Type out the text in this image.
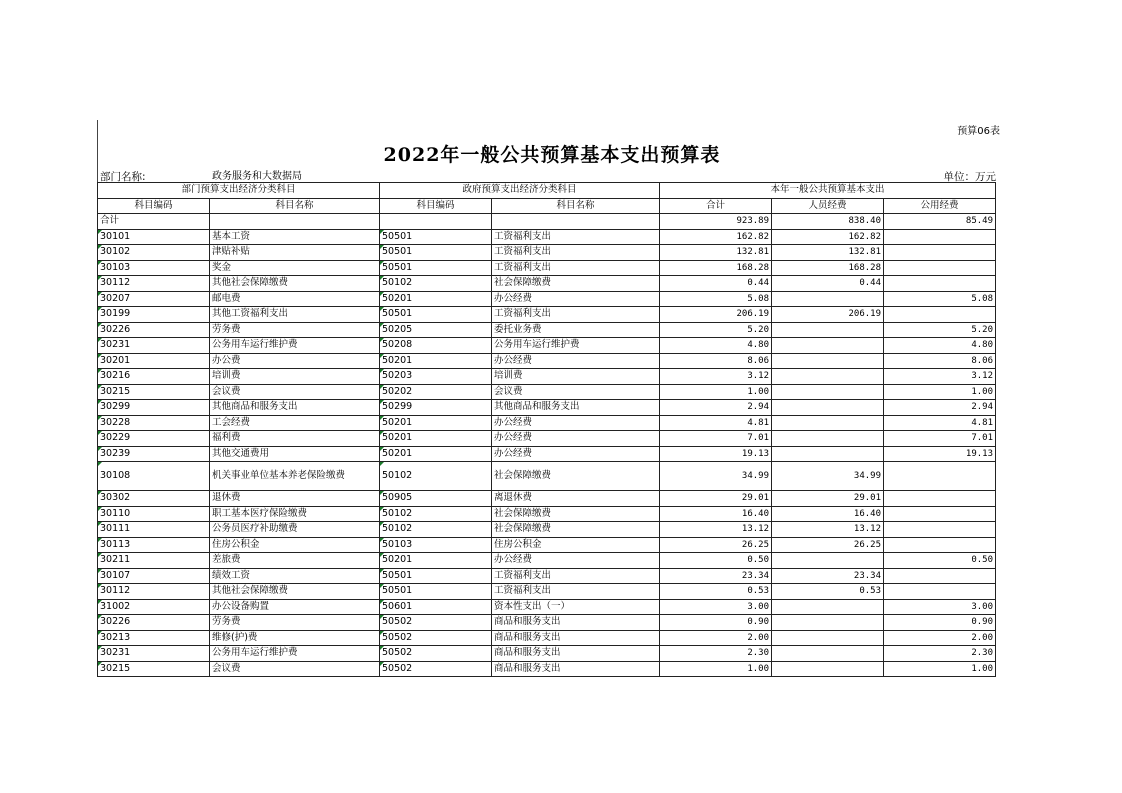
预算06表
2022年一般公共预算基本支出预算表
部门名称:	政务服务和大数据局	单位：万元
部门预算支出经济分类科目		政府预算支出经济分类科目		本年一般公共预算基本支出		
科目编码	科目名称	科目编码	科目名称	合计	人员经费	公用经费
合计				923.89	838.40	85.49
30101	基本工资	50501	工资福利支出	162.82	162.82	
30102	津贴补贴	50501	工资福利支出	132.81	132.81	
30103	奖金	50501	工资福利支出	168.28	168.28	
30112	其他社会保障缴费	50102	社会保障缴费	0.44	0.44	
30207	邮电费	50201	办公经费	5.08		5.08
30199	其他工资福利支出	50501	工资福利支出	206.19	206.19	
30226	劳务费	50205	委托业务费	5.20		5.20
30231	公务用车运行维护费	50208	公务用车运行维护费	4.80		4.80
30201	办公费	50201	办公经费	8.06		8.06
30216	培训费	50203	培训费	3.12		3.12
30215	会议费	50202	会议费	1.00		1.00
30299	其他商品和服务支出	50299	其他商品和服务支出	2.94		2.94
30228	工会经费	50201	办公经费	4.81		4.81
30229	福利费	50201	办公经费	7.01		7.01
30239	其他交通费用	50201	办公经费	19.13		19.13
30108	机关事业单位基本养老保险缴费	50102	社会保障缴费	34.99	34.99	
30302	退休费	50905	离退休费	29.01	29.01	
30110	职工基本医疗保险缴费	50102	社会保障缴费	16.40	16.40	
30111	公务员医疗补助缴费	50102	社会保障缴费	13.12	13.12	
30113	住房公积金	50103	住房公积金	26.25	26.25	
30211	差旅费	50201	办公经费	0.50		0.50
30107	绩效工资	50501	工资福利支出	23.34	23.34	
30112	其他社会保障缴费	50501	工资福利支出	0.53	0.53	
31002	办公设备购置	50601	资本性支出（一）	3.00		3.00
30226	劳务费	50502	商品和服务支出	0.90		0.90
30213	维修(护)费	50502	商品和服务支出	2.00		2.00
30231	公务用车运行维护费	50502	商品和服务支出	2.30		2.30
30215	会议费	50502	商品和服务支出	1.00		1.00
